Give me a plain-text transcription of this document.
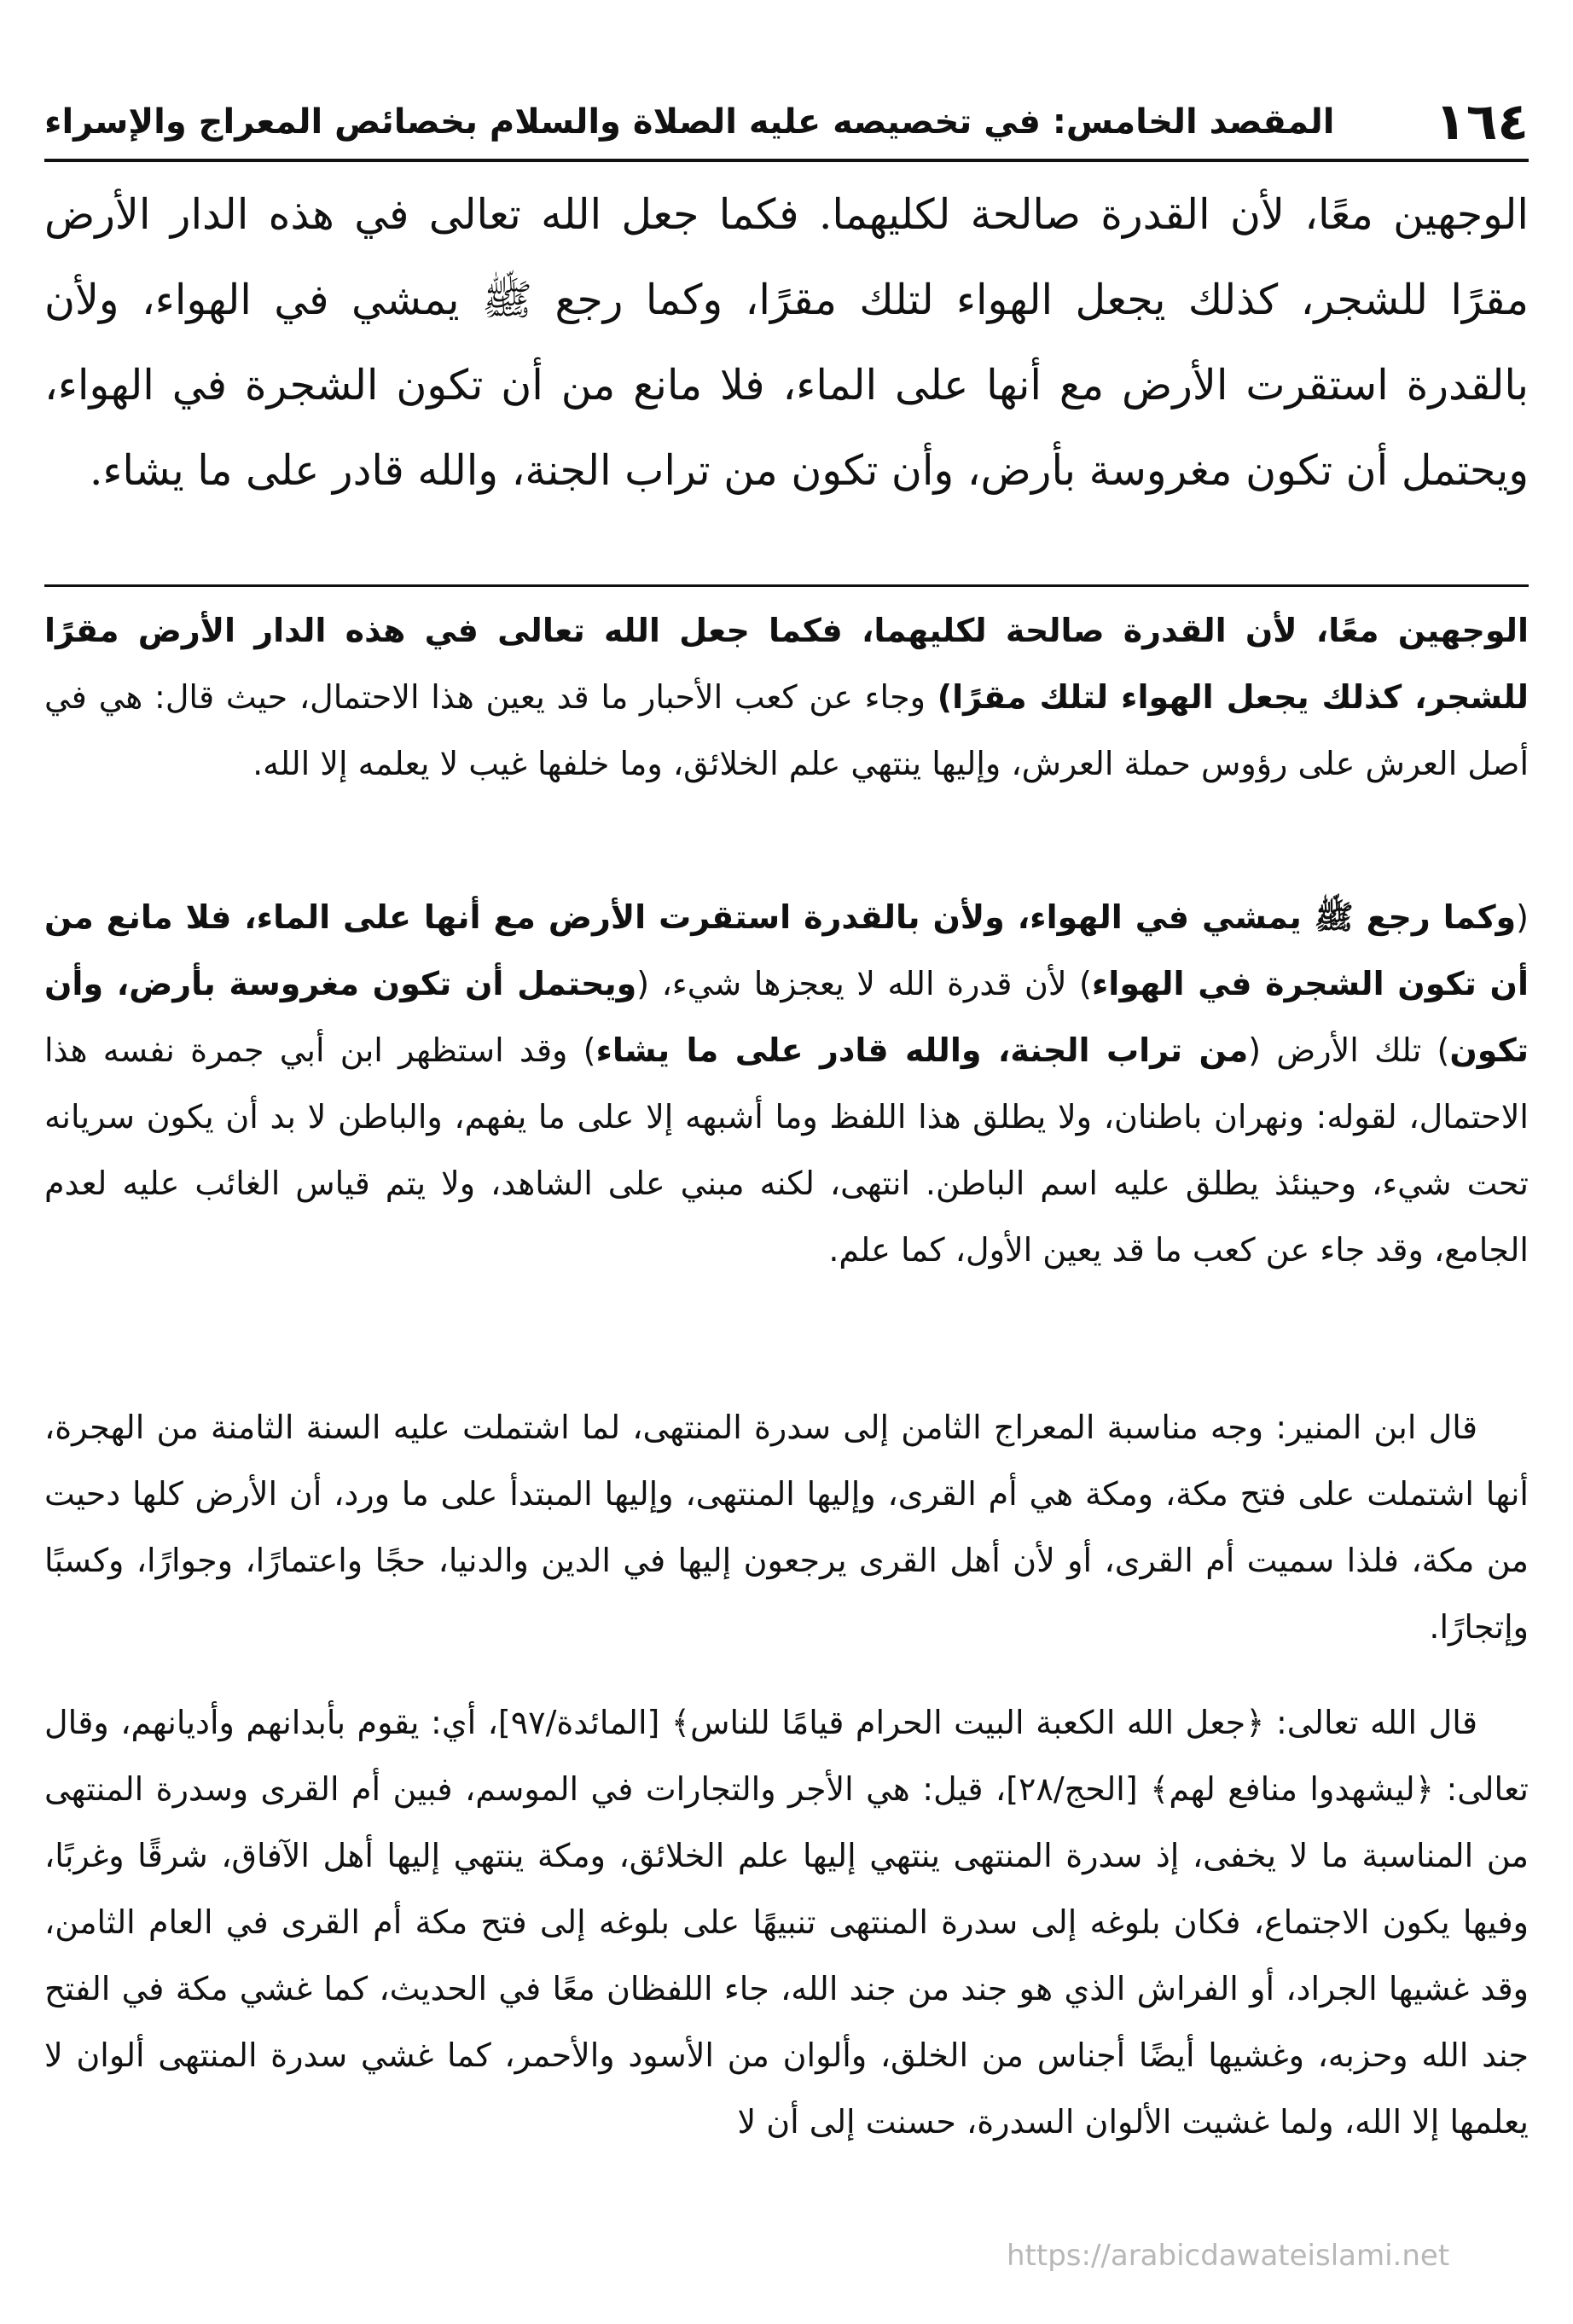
١٦٤
المقصد الخامس: في تخصيصه عليه الصلاة والسلام بخصائص المعراج والإسراء

الوجهين معًا، لأن القدرة صالحة لكليهما. فكما جعل الله تعالى في هذه الدار الأرض مقرًا للشجر، كذلك يجعل الهواء لتلك مقرًا، وكما رجع ﷺ يمشي في الهواء، ولأن بالقدرة استقرت الأرض مع أنها على الماء، فلا مانع من أن تكون الشجرة في الهواء، ويحتمل أن تكون مغروسة بأرض، وأن تكون من تراب الجنة، والله قادر على ما يشاء.

الوجهين معًا، لأن القدرة صالحة لكليهما، فكما جعل الله تعالى في هذه الدار الأرض مقرًا للشجر، كذلك يجعل الهواء لتلك مقرًا) وجاء عن كعب الأحبار ما قد يعين هذا الاحتمال، حيث قال: هي في أصل العرش على رؤوس حملة العرش، وإليها ينتهي علم الخلائق، وما خلفها غيب لا يعلمه إلا الله.

(وكما رجع ﷺ يمشي في الهواء، ولأن بالقدرة استقرت الأرض مع أنها على الماء، فلا مانع من أن تكون الشجرة في الهواء) لأن قدرة الله لا يعجزها شيء، (ويحتمل أن تكون مغروسة بأرض، وأن تكون) تلك الأرض (من تراب الجنة، والله قادر على ما يشاء) وقد استظهر ابن أبي جمرة نفسه هذا الاحتمال، لقوله: ونهران باطنان، ولا يطلق هذا اللفظ وما أشبهه إلا على ما يفهم، والباطن لا بد أن يكون سريانه تحت شيء، وحينئذ يطلق عليه اسم الباطن. انتهى، لكنه مبني على الشاهد، ولا يتم قياس الغائب عليه لعدم الجامع، وقد جاء عن كعب ما قد يعين الأول، كما علم.

قال ابن المنير: وجه مناسبة المعراج الثامن إلى سدرة المنتهى، لما اشتملت عليه السنة الثامنة من الهجرة، أنها اشتملت على فتح مكة، ومكة هي أم القرى، وإليها المنتهى، وإليها المبتدأ على ما ورد، أن الأرض كلها دحيت من مكة، فلذا سميت أم القرى، أو لأن أهل القرى يرجعون إليها في الدين والدنيا، حجًا واعتمارًا، وجوارًا، وكسبًا وإتجارًا.

قال الله تعالى: ﴿جعل الله الكعبة البيت الحرام قيامًا للناس﴾ [المائدة/٩٧]، أي: يقوم بأبدانهم وأديانهم، وقال تعالى: ﴿ليشهدوا منافع لهم﴾ [الحج/٢٨]، قيل: هي الأجر والتجارات في الموسم، فبين أم القرى وسدرة المنتهى من المناسبة ما لا يخفى، إذ سدرة المنتهى ينتهي إليها علم الخلائق، ومكة ينتهي إليها أهل الآفاق، شرقًا وغربًا، وفيها يكون الاجتماع، فكان بلوغه إلى سدرة المنتهى تنبيهًا على بلوغه إلى فتح مكة أم القرى في العام الثامن، وقد غشيها الجراد، أو الفراش الذي هو جند من جند الله، جاء اللفظان معًا في الحديث، كما غشي مكة في الفتح جند الله وحزبه، وغشيها أيضًا أجناس من الخلق، وألوان من الأسود والأحمر، كما غشي سدرة المنتهى ألوان لا يعلمها إلا الله، ولما غشيت الألوان السدرة، حسنت إلى أن لا

https://arabicdawateislami.net
